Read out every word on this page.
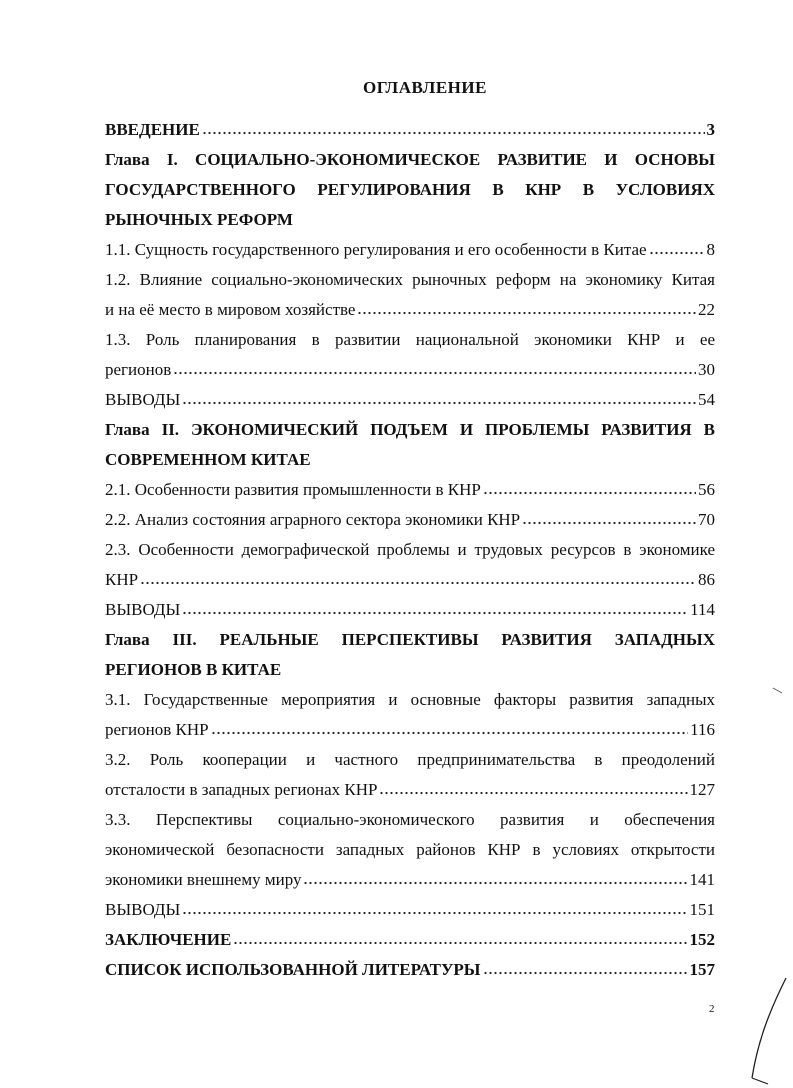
ОГЛАВЛЕНИЕ
ВВЕДЕНИЕ	3
Глава I. СОЦИАЛЬНО-ЭКОНОМИЧЕСКОЕ РАЗВИТИЕ И ОСНОВЫ
ГОСУДАРСТВЕННОГО РЕГУЛИРОВАНИЯ В КНР В УСЛОВИЯХ
РЫНОЧНЫХ РЕФОРМ
1.1. Сущность государственного регулирования и его особенности в Китае	8
1.2. Влияние социально-экономических рыночных реформ на экономику Китая
и на её место в мировом хозяйстве	22
1.3. Роль планирования в развитии национальной экономики КНР и ее
регионов	30
ВЫВОДЫ	54
Глава II. ЭКОНОМИЧЕСКИЙ ПОДЪЕМ И ПРОБЛЕМЫ РАЗВИТИЯ В
СОВРЕМЕННОМ КИТАЕ
2.1. Особенности развития промышленности в КНР	56
2.2. Анализ состояния аграрного сектора экономики КНР	70
2.3. Особенности демографической проблемы и трудовых ресурсов в экономике
КНР	86
ВЫВОДЫ	114
Глава III. РЕАЛЬНЫЕ ПЕРСПЕКТИВЫ РАЗВИТИЯ ЗАПАДНЫХ
РЕГИОНОВ В КИТАЕ
3.1. Государственные мероприятия и основные факторы развития западных
регионов КНР	116
3.2. Роль кооперации и частного предпринимательства в преодолений
отсталости в западных регионах КНР	127
3.3. Перспективы социально-экономического развития и обеспечения
экономической безопасности западных районов КНР в условиях открытости
экономики внешнему миру	141
ВЫВОДЫ	151
ЗАКЛЮЧЕНИЕ	152
СПИСОК ИСПОЛЬЗОВАННОЙ ЛИТЕРАТУРЫ	157
2
